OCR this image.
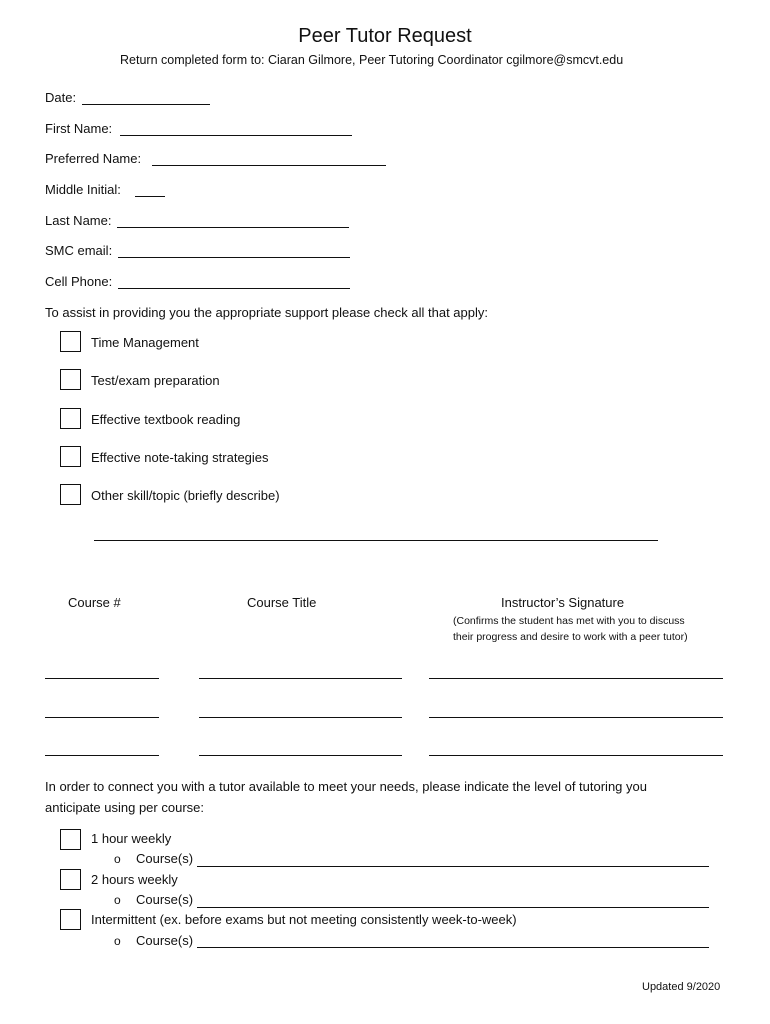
Peer Tutor Request
Return completed form to: Ciaran Gilmore, Peer Tutoring Coordinator cgilmore@smcvt.edu
Date:
First Name:
Preferred Name:
Middle Initial:
Last Name:
SMC email:
Cell Phone:
To assist in providing you the appropriate support please check all that apply:
Time Management
Test/exam preparation
Effective textbook reading
Effective note-taking strategies
Other skill/topic (briefly describe)
Course #	Course Title	Instructor’s Signature
(Confirms the student has met with you to discuss
their progress and desire to work with a peer tutor)
In order to connect you with a tutor available to meet your needs, please indicate the level of tutoring you
anticipate using per course:
1 hour weekly
o Course(s)
2 hours weekly
o Course(s)
Intermittent (ex. before exams but not meeting consistently week-to-week)
o Course(s)
Updated 9/2020
